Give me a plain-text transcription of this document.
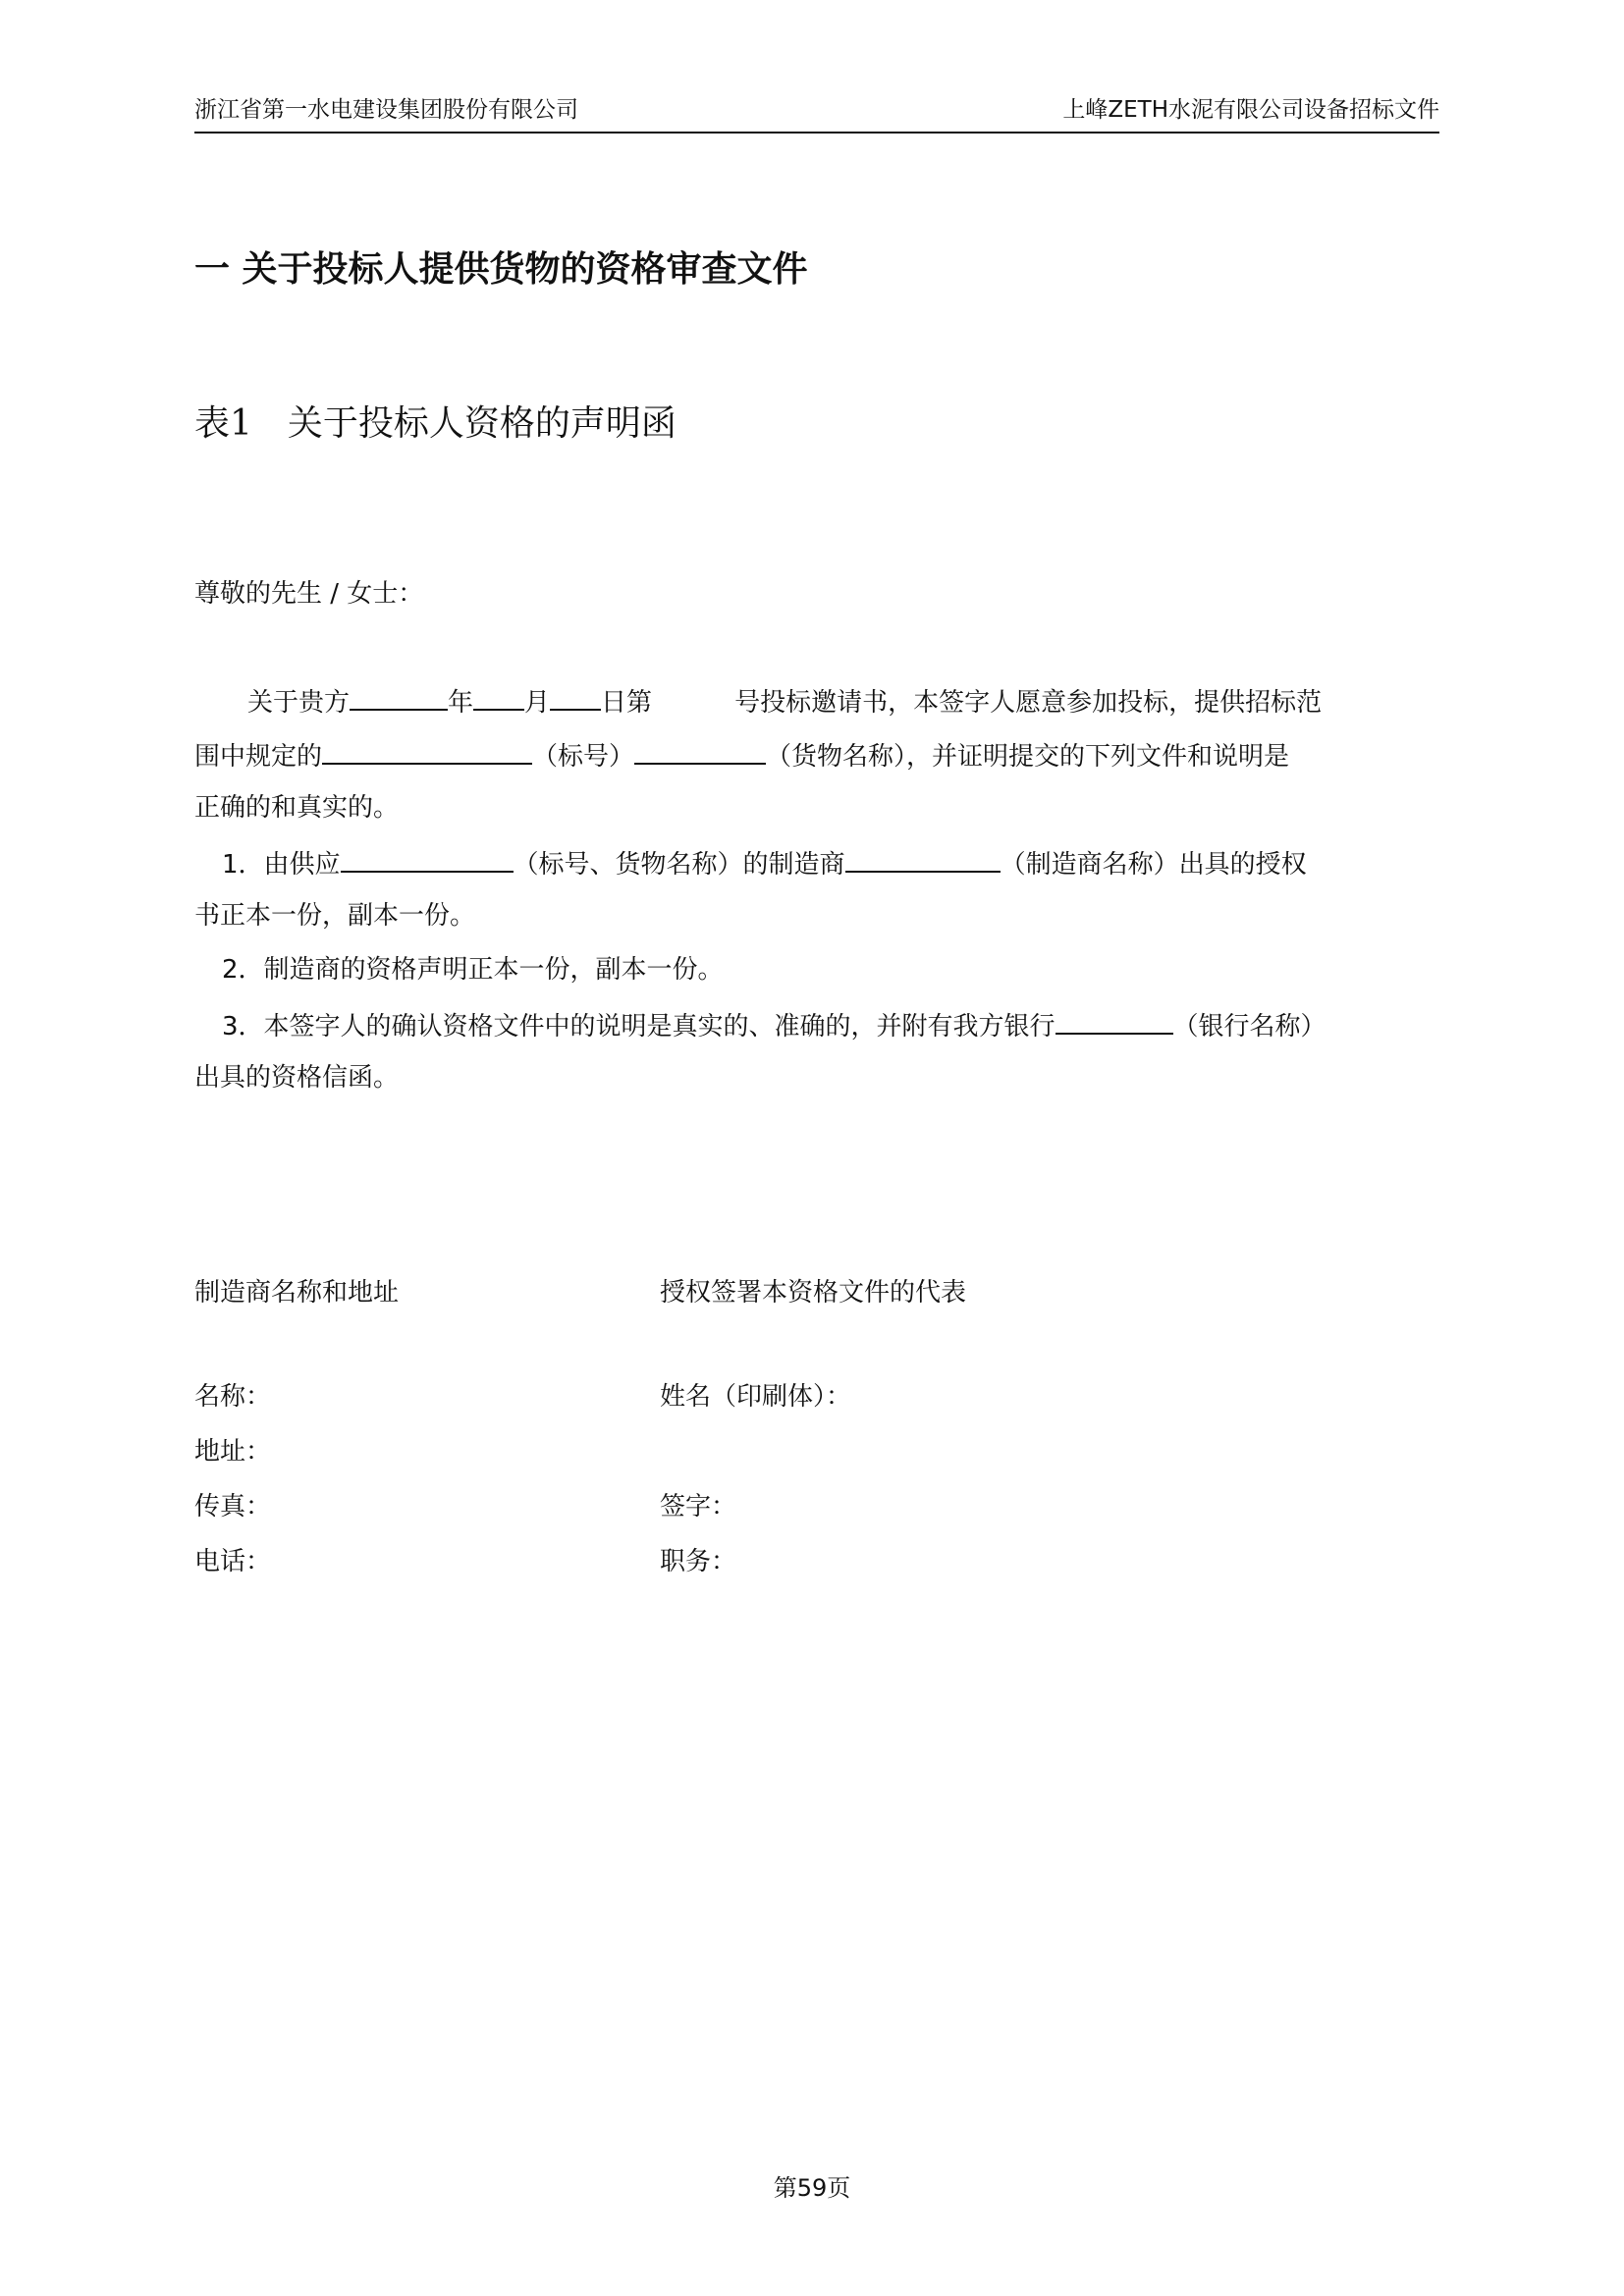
浙江省第一水电建设集团股份有限公司	上峰ZETH水泥有限公司设备招标文件
一 关于投标人提供货物的资格审查文件
表1 关于投标人资格的声明函
尊敬的先生 / 女士：
关于贵方	年 月 日第	号投标邀请书，本签字人愿意参加投标，提供招标范
围中规定的	（标号）	（货物名称），并证明提交的下列文件和说明是
正确的和真实的。
1．由供应	（标号、货物名称）的制造商	（制造商名称）出具的授权
书正本一份，副本一份。
2．制造商的资格声明正本一份，副本一份。
3．本签字人的确认资格文件中的说明是真实的、准确的，并附有我方银行	（银行名称）
出具的资格信函。
制造商名称和地址	授权签署本资格文件的代表
名称：	姓名（印刷体）：
地址：
传真：	签字：
电话：	职务：
第59页
